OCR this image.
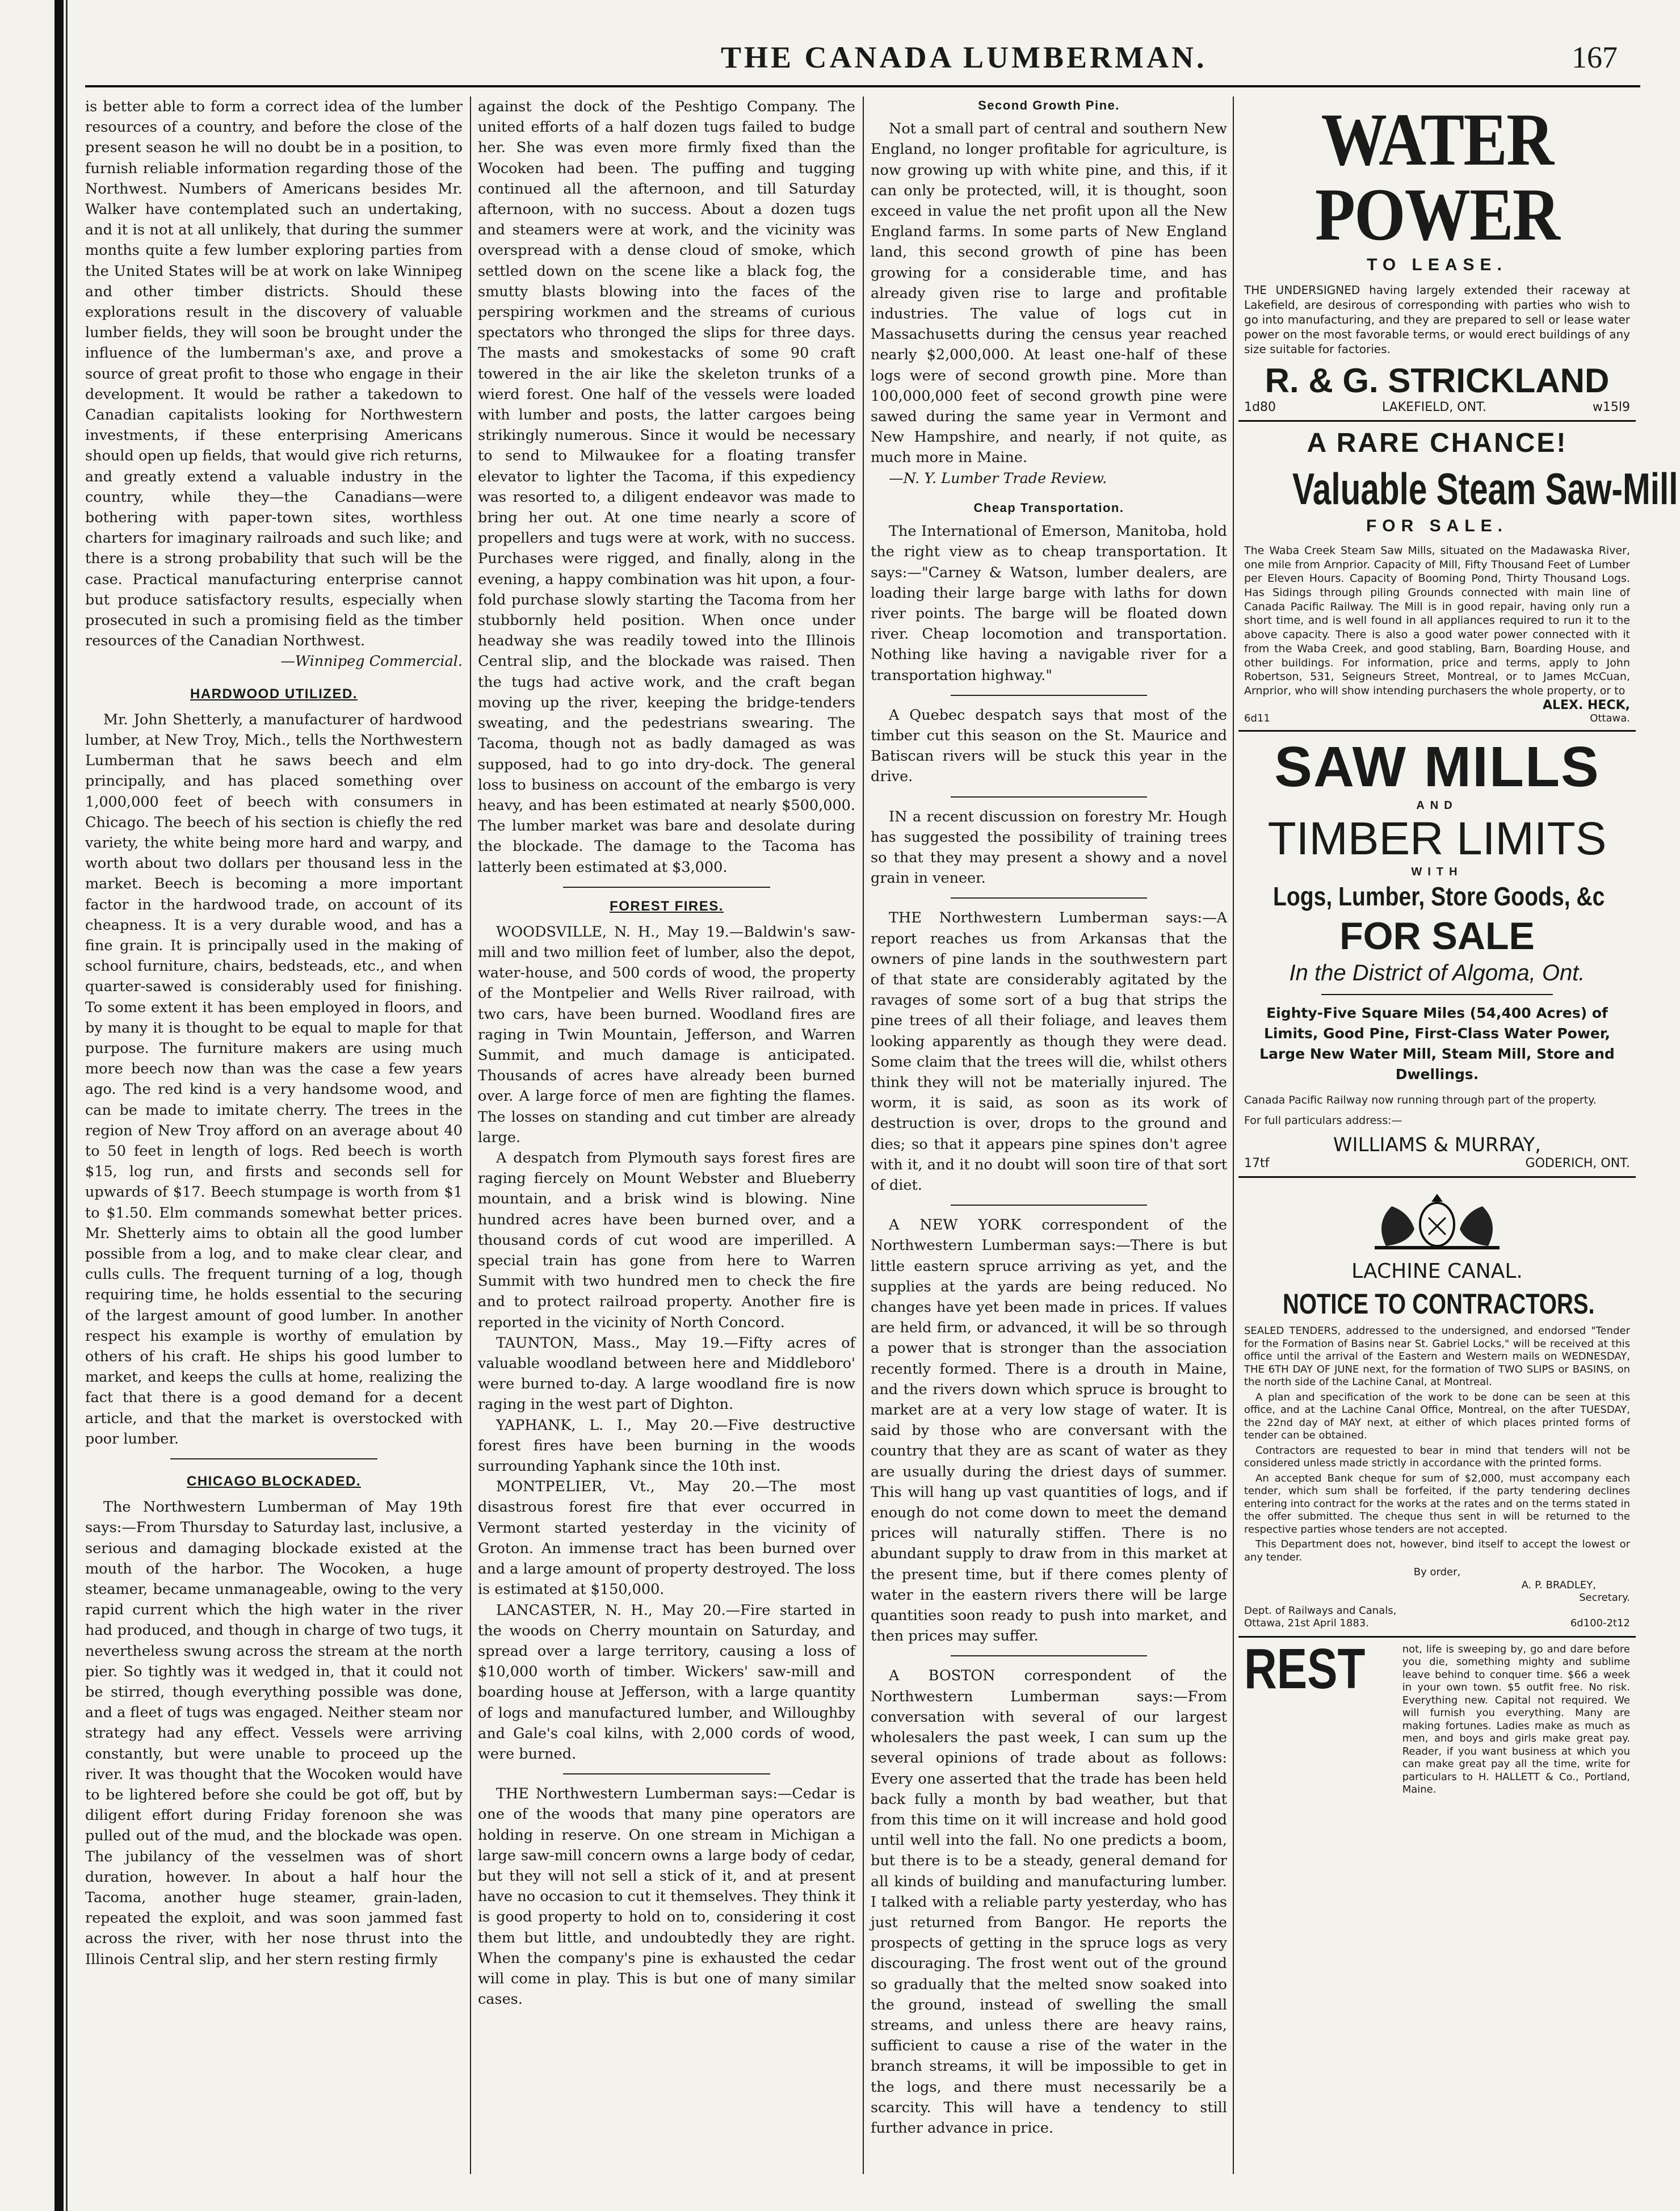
THE CANADA LUMBERMAN.	167

is better able to form a correct idea of the lumber resources of a country, and before the close of the present season he will no doubt be in a position, to furnish reliable information regarding those of the Northwest. Numbers of Americans besides Mr. Walker have contemplated such an undertaking, and it is not at all unlikely, that during the summer months quite a few lumber exploring parties from the United States will be at work on lake Winnipeg and other timber districts. Should these explorations result in the discovery of valuable lumber fields, they will soon be brought under the influence of the lumberman's axe, and prove a source of great profit to those who engage in their development. It would be rather a takedown to Canadian capitalists looking for Northwestern investments, if these enterprising Americans should open up fields, that would give rich returns, and greatly extend a valuable industry in the country, while they—the Canadians—were bothering with paper-town sites, worthless charters for imaginary railroads and such like; and there is a strong probability that such will be the case. Practical manufacturing enterprise cannot but produce satisfactory results, especially when prosecuted in such a promising field as the timber resources of the Canadian Northwest.

—Winnipeg Commercial.

HARDWOOD UTILIZED.

Mr. John Shetterly, a manufacturer of hardwood lumber, at New Troy, Mich., tells the Northwestern Lumberman that he saws beech and elm principally, and has placed something over 1,000,000 feet of beech with consumers in Chicago. The beech of his section is chiefly the red variety, the white being more hard and warpy, and worth about two dollars per thousand less in the market. Beech is becoming a more important factor in the hardwood trade, on account of its cheapness. It is a very durable wood, and has a fine grain. It is principally used in the making of school furniture, chairs, bedsteads, etc., and when quarter-sawed is considerably used for finishing. To some extent it has been employed in floors, and by many it is thought to be equal to maple for that purpose. The furniture makers are using much more beech now than was the case a few years ago. The red kind is a very handsome wood, and can be made to imitate cherry. The trees in the region of New Troy afford on an average about 40 to 50 feet in length of logs. Red beech is worth $15, log run, and firsts and seconds sell for upwards of $17. Beech stumpage is worth from $1 to $1.50. Elm commands somewhat better prices. Mr. Shetterly aims to obtain all the good lumber possible from a log, and to make clear clear, and culls culls. The frequent turning of a log, though requiring time, he holds essential to the securing of the largest amount of good lumber. In another respect his example is worthy of emulation by others of his craft. He ships his good lumber to market, and keeps the culls at home, realizing the fact that there is a good demand for a decent article, and that the market is overstocked with poor lumber.

CHICAGO BLOCKADED.

The Northwestern Lumberman of May 19th says:—From Thursday to Saturday last, inclusive, a serious and damaging blockade existed at the mouth of the harbor. The Wocoken, a huge steamer, became unmanageable, owing to the very rapid current which the high water in the river had produced, and though in charge of two tugs, it nevertheless swung across the stream at the north pier. So tightly was it wedged in, that it could not be stirred, though everything possible was done, and a fleet of tugs was engaged. Neither steam nor strategy had any effect. Vessels were arriving constantly, but were unable to proceed up the river. It was thought that the Wocoken would have to be lightered before she could be got off, but by diligent effort during Friday forenoon she was pulled out of the mud, and the blockade was open. The jubilancy of the vesselmen was of short duration, however. In about a half hour the Tacoma, another huge steamer, grain-laden, repeated the exploit, and was soon jammed fast across the river, with her nose thrust into the Illinois Central slip, and her stern resting firmly

against the dock of the Peshtigo Company. The united efforts of a half dozen tugs failed to budge her. She was even more firmly fixed than the Wocoken had been. The puffing and tugging continued all the afternoon, and till Saturday afternoon, with no success. About a dozen tugs and steamers were at work, and the vicinity was overspread with a dense cloud of smoke, which settled down on the scene like a black fog, the smutty blasts blowing into the faces of the perspiring workmen and the streams of curious spectators who thronged the slips for three days. The masts and smokestacks of some 90 craft towered in the air like the skeleton trunks of a wierd forest. One half of the vessels were loaded with lumber and posts, the latter cargoes being strikingly numerous. Since it would be necessary to send to Milwaukee for a floating transfer elevator to lighter the Tacoma, if this expediency was resorted to, a diligent endeavor was made to bring her out. At one time nearly a score of propellers and tugs were at work, with no success. Purchases were rigged, and finally, along in the evening, a happy combination was hit upon, a four-fold purchase slowly starting the Tacoma from her stubbornly held position. When once under headway she was readily towed into the Illinois Central slip, and the blockade was raised. Then the tugs had active work, and the craft began moving up the river, keeping the bridge-tenders sweating, and the pedestrians swearing. The Tacoma, though not as badly damaged as was supposed, had to go into dry-dock. The general loss to business on account of the embargo is very heavy, and has been estimated at nearly $500,000. The lumber market was bare and desolate during the blockade. The damage to the Tacoma has latterly been estimated at $3,000.

FOREST FIRES.

WOODSVILLE, N. H., May 19.—Baldwin's saw-mill and two million feet of lumber, also the depot, water-house, and 500 cords of wood, the property of the Montpelier and Wells River railroad, with two cars, have been burned. Woodland fires are raging in Twin Mountain, Jefferson, and Warren Summit, and much damage is anticipated. Thousands of acres have already been burned over. A large force of men are fighting the flames. The losses on standing and cut timber are already large.

A despatch from Plymouth says forest fires are raging fiercely on Mount Webster and Blueberry mountain, and a brisk wind is blowing. Nine hundred acres have been burned over, and a thousand cords of cut wood are imperilled. A special train has gone from here to Warren Summit with two hundred men to check the fire and to protect railroad property. Another fire is reported in the vicinity of North Concord.

TAUNTON, Mass., May 19.—Fifty acres of valuable woodland between here and Middleboro' were burned to-day. A large woodland fire is now raging in the west part of Dighton.

YAPHANK, L. I., May 20.—Five destructive forest fires have been burning in the woods surrounding Yaphank since the 10th inst.

MONTPELIER, Vt., May 20.—The most disastrous forest fire that ever occurred in Vermont started yesterday in the vicinity of Groton. An immense tract has been burned over and a large amount of property destroyed. The loss is estimated at $150,000.

LANCASTER, N. H., May 20.—Fire started in the woods on Cherry mountain on Saturday, and spread over a large territory, causing a loss of $10,000 worth of timber. Wickers' saw-mill and boarding house at Jefferson, with a large quantity of logs and manufactured lumber, and Willoughby and Gale's coal kilns, with 2,000 cords of wood, were burned.

THE Northwestern Lumberman says:—Cedar is one of the woods that many pine operators are holding in reserve. On one stream in Michigan a large saw-mill concern owns a large body of cedar, but they will not sell a stick of it, and at present have no occasion to cut it themselves. They think it is good property to hold on to, considering it cost them but little, and undoubtedly they are right. When the company's pine is exhausted the cedar will come in play. This is but one of many similar cases.

Second Growth Pine.

Not a small part of central and southern New England, no longer profitable for agriculture, is now growing up with white pine, and this, if it can only be protected, will, it is thought, soon exceed in value the net profit upon all the New England farms. In some parts of New England land, this second growth of pine has been growing for a considerable time, and has already given rise to large and profitable industries. The value of logs cut in Massachusetts during the census year reached nearly $2,000,000. At least one-half of these logs were of second growth pine. More than 100,000,000 feet of second growth pine were sawed during the same year in Vermont and New Hampshire, and nearly, if not quite, as much more in Maine.

—N. Y. Lumber Trade Review.

Cheap Transportation.

The International of Emerson, Manitoba, hold the right view as to cheap transportation. It says:—"Carney & Watson, lumber dealers, are loading their large barge with laths for down river points. The barge will be floated down river. Cheap locomotion and transportation. Nothing like having a navigable river for a transportation highway."

A Quebec despatch says that most of the timber cut this season on the St. Maurice and Batiscan rivers will be stuck this year in the drive.

IN a recent discussion on forestry Mr. Hough has suggested the possibility of training trees so that they may present a showy and a novel grain in veneer.

THE Northwestern Lumberman says:—A report reaches us from Arkansas that the owners of pine lands in the southwestern part of that state are considerably agitated by the ravages of some sort of a bug that strips the pine trees of all their foliage, and leaves them looking apparently as though they were dead. Some claim that the trees will die, whilst others think they will not be materially injured. The worm, it is said, as soon as its work of destruction is over, drops to the ground and dies; so that it appears pine spines don't agree with it, and it no doubt will soon tire of that sort of diet.

A NEW YORK correspondent of the Northwestern Lumberman says:—There is but little eastern spruce arriving as yet, and the supplies at the yards are being reduced. No changes have yet been made in prices. If values are held firm, or advanced, it will be so through a power that is stronger than the association recently formed. There is a drouth in Maine, and the rivers down which spruce is brought to market are at a very low stage of water. It is said by those who are conversant with the country that they are as scant of water as they are usually during the driest days of summer. This will hang up vast quantities of logs, and if enough do not come down to meet the demand prices will naturally stiffen. There is no abundant supply to draw from in this market at the present time, but if there comes plenty of water in the eastern rivers there will be large quantities soon ready to push into market, and then prices may suffer.

A BOSTON correspondent of the Northwestern Lumberman says:—From conversation with several of our largest wholesalers the past week, I can sum up the several opinions of trade about as follows: Every one asserted that the trade has been held back fully a month by bad weather, but that from this time on it will increase and hold good until well into the fall. No one predicts a boom, but there is to be a steady, general demand for all kinds of building and manufacturing lumber. I talked with a reliable party yesterday, who has just returned from Bangor. He reports the prospects of getting in the spruce logs as very discouraging. The frost went out of the ground so gradually that the melted snow soaked into the ground, instead of swelling the small streams, and unless there are heavy rains, sufficient to cause a rise of the water in the branch streams, it will be impossible to get in the logs, and there must necessarily be a scarcity. This will have a tendency to still further advance in price.

WATER POWER
TO LEASE.
THE UNDERSIGNED having largely extended their raceway at Lakefield, are desirous of corresponding with parties who wish to go into manufacturing, and they are prepared to sell or lease water power on the most favorable terms, or would erect buildings of any size suitable for factories.
R. & G. STRICKLAND
1d80	LAKEFIELD, ONT.	w15l9
A RARE CHANCE!
Valuable Steam Saw-Mill
FOR SALE.
The Waba Creek Steam Saw Mills, situated on the Madawaska River, one mile from Arnprior. Capacity of Mill, Fifty Thousand Feet of Lumber per Eleven Hours. Capacity of Booming Pond, Thirty Thousand Logs. Has Sidings through piling Grounds connected with main line of Canada Pacific Railway. The Mill is in good repair, having only run a short time, and is well found in all appliances required to run it to the above capacity. There is also a good water power connected with it from the Waba Creek, and good stabling, Barn, Boarding House, and other buildings. For information, price and terms, apply to John Robertson, 531, Seigneurs Street, Montreal, or to James McCuan, Arnprior, who will show intending purchasers the whole property, or to
ALEX. HECK,
6d11	Ottawa.
SAW MILLS
AND
TIMBER LIMITS
WITH
Logs, Lumber, Store Goods, &c
FOR SALE
In the District of Algoma, Ont.
Eighty-Five Square Miles (54,400 Acres) of Limits, Good Pine, First-Class Water Power, Large New Water Mill, Steam Mill, Store and Dwellings.
Canada Pacific Railway now running through part of the property.
For full particulars address:—
WILLIAMS & MURRAY,
17tf	GODERICH, ONT.
LACHINE CANAL.
NOTICE TO CONTRACTORS.

SEALED TENDERS, addressed to the undersigned, and endorsed "Tender for the Formation of Basins near St. Gabriel Locks," will be received at this office until the arrival of the Eastern and Western mails on WEDNESDAY, THE 6TH DAY OF JUNE next, for the formation of TWO SLIPS or BASINS, on the north side of the Lachine Canal, at Montreal.

A plan and specification of the work to be done can be seen at this office, and at the Lachine Canal Office, Montreal, on the after TUESDAY, the 22nd day of MAY next, at either of which places printed forms of tender can be obtained.

Contractors are requested to bear in mind that tenders will not be considered unless made strictly in accordance with the printed forms.

An accepted Bank cheque for sum of $2,000, must accompany each tender, which sum shall be forfeited, if the party tendering declines entering into contract for the works at the rates and on the terms stated in the offer submitted. The cheque thus sent in will be returned to the respective parties whose tenders are not accepted.

This Department does not, however, bind itself to accept the lowest or any tender.

By order,
A. P. BRADLEY,
Secretary.
Dept. of Railways and Canals,
Ottawa, 21st April 1883.	6d100-2t12
REST	not, life is sweeping by, go and dare before you die, something mighty and sublime leave behind to conquer time. $66 a week in your own town. $5 outfit free. No risk. Everything new. Capital not required. We will furnish you everything. Many are making fortunes. Ladies make as much as men, and boys and girls make great pay. Reader, if you want business at which you can make great pay all the time, write for particulars to H. HALLETT & Co., Portland, Maine.
